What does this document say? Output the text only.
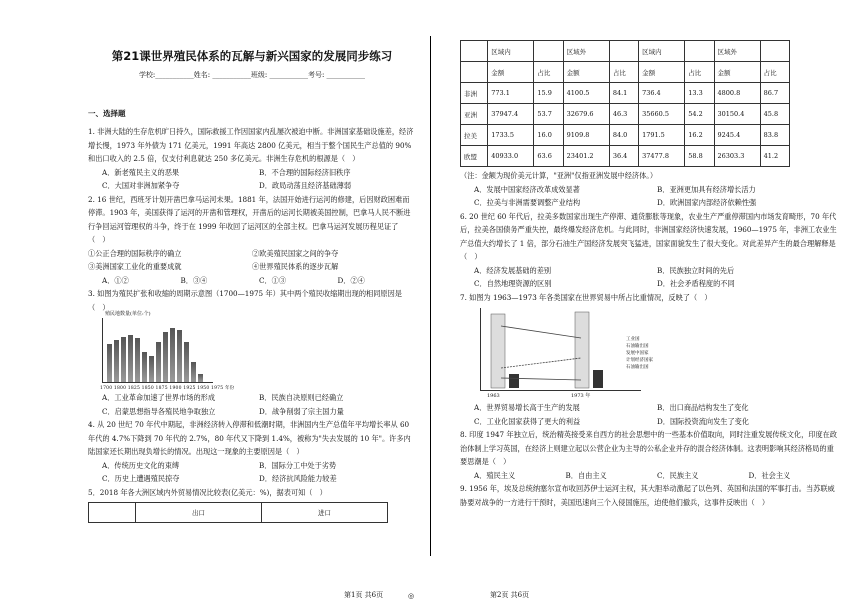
第21课世界殖民体系的瓦解与新兴国家的发展同步练习
学校:___________姓名: ___________班级: ___________考号: ___________
一、选择题

1. 非洲大陆的生存危机旷日持久，国际救援工作因国家内乱屡次被迫中断。非洲国家基础设施差，经济增长慢，1973 年外债为 171 亿美元，1991 年高达 2800 亿美元，相当于整个国民生产总值的 90%和出口收入的 2.5 倍，仅支付利息就达 250 多亿美元。非洲生存危机的根源是（　）

A．新老殖民主义的恶果	B．不合理的国际经济旧秩序
C．大国对非洲加紧争夺	D．政局动荡且经济基础薄弱

2. 16 世纪，西班牙计划开凿巴拿马运河未果。1881 年，法国开始进行运河的修建，后因财政困难而停滞。1903 年，美国获得了运河的开凿和管理权，开凿后的运河长期被美国控制，巴拿马人民不断进行争回运河管理权的斗争，终于在 1999 年收回了运河区的全部主权。巴拿马运河发展历程见证了（　）

①公正合理的国际秩序的确立	②欧美殖民国家之间的争夺
③美洲国家工业化的重要成就	④世界殖民体系的逐步瓦解
A．①②	B．③④	C．①③	D．②④

3. 如图为殖民扩张和收缩的周期示意图（1700—1975 年）其中两个殖民收缩期出现的相同原因是（　）

殖民地数量(单位:个)
1700 1800 1825 1850 1875 1900 1925 1950 1975 年份
A．工业革命加速了世界市场的形成	B．民族自决原则已经确立
C．启蒙思想指导各殖民地争取独立	D．战争削弱了宗主国力量

4. 从 20 世纪 70 年代中期起，非洲经济转入停滞和低潮时期，非洲国内生产总值年平均增长率从 60 年代的 4.7%下降到 70 年代的 2.7%，80 年代又下降到 1.4%，被称为"失去发展的 10 年"。许多内陆国家还长期出现负增长的情况。出现这一现象的主要原因是（　）

A．传统历史文化的束缚	B．国际分工中处于劣势
C．历史上遭遇殖民掠夺	D．经济抗风险能力较差

5．2018 年各大洲区域内外贸易情况比较表(亿美元：%)，据表可知（　）

	出口	进口
第1页 共6页	◎
	区域内		区域外		区域内		区域外	
	金额	占比	金额	占比	金额	占比	金额	占比
非洲	773.1	15.9	4100.5	84.1	736.4	13.3	4800.8	86.7
亚洲	37947.4	53.7	32679.6	46.3	35660.5	54.2	30150.4	45.8
拉美	1733.5	16.0	9109.8	84.0	1791.5	16.2	9245.4	83.8
欧盟	40933.0	63.6	23401.2	36.4	37477.8	58.8	26303.3	41.2

（注：金额为现价美元计算，"亚洲"仅指亚洲发展中经济体。）

A．发展中国家经济改革成效显著	B．亚洲更加具有经济增长活力
C．拉美与非洲需要调整产业结构	D．欧洲国家内部经济依赖性强

6. 20 世纪 60 年代后，拉美多数国家出现生产停滞、通货膨胀等现象，农业生产严重停滞国内市场发育畸形，70 年代后，拉美各国债务严重失控，最终爆发经济危机。与此同时，非洲国家经济快速发展，1960—1975 年，非洲工农业生产总值大约增长了 1 倍，部分石油生产国经济发展突飞猛进，国家面貌发生了很大变化。对此差异产生的最合理解释是（　）

A．经济发展基础的差别	B．民族独立时间的先后
C．自然地理资源的区别	D．社会矛盾程度的不同

7. 如图为 1963—1973 年各类国家在世界贸易中所占比重情况，反映了（　）

1963	1973 年
工业国
石油输出国
发展中国家
计划经济国家
石油输出国
A．世界贸易增长高于生产的发展	B．出口商品结构发生了变化
C．工业化国家获得了更大的利益	D．国际投资流向发生了变化

8. 印度 1947 年独立后，统治精英接受来自西方的社会思想中的一些基本价值取向，同时注重发展传统文化，印度在政治体制上学习英国，在经济上则建立起以公营企业为主导的公私企业并存的混合经济体制。这表明影响其经济格局的重要思潮是（　）

A．殖民主义	B．自由主义	C．民族主义	D．社会主义

9. 1956 年，埃及总统纳塞尔宣布收回苏伊士运河主权，其大胆举动激起了以色列、英国和法国的军事打击。当苏联威胁要对战争的一方进行干预时，美国迅速向三个入侵国施压，迫使他们撤兵，这事件反映出（　）

第2页 共6页
